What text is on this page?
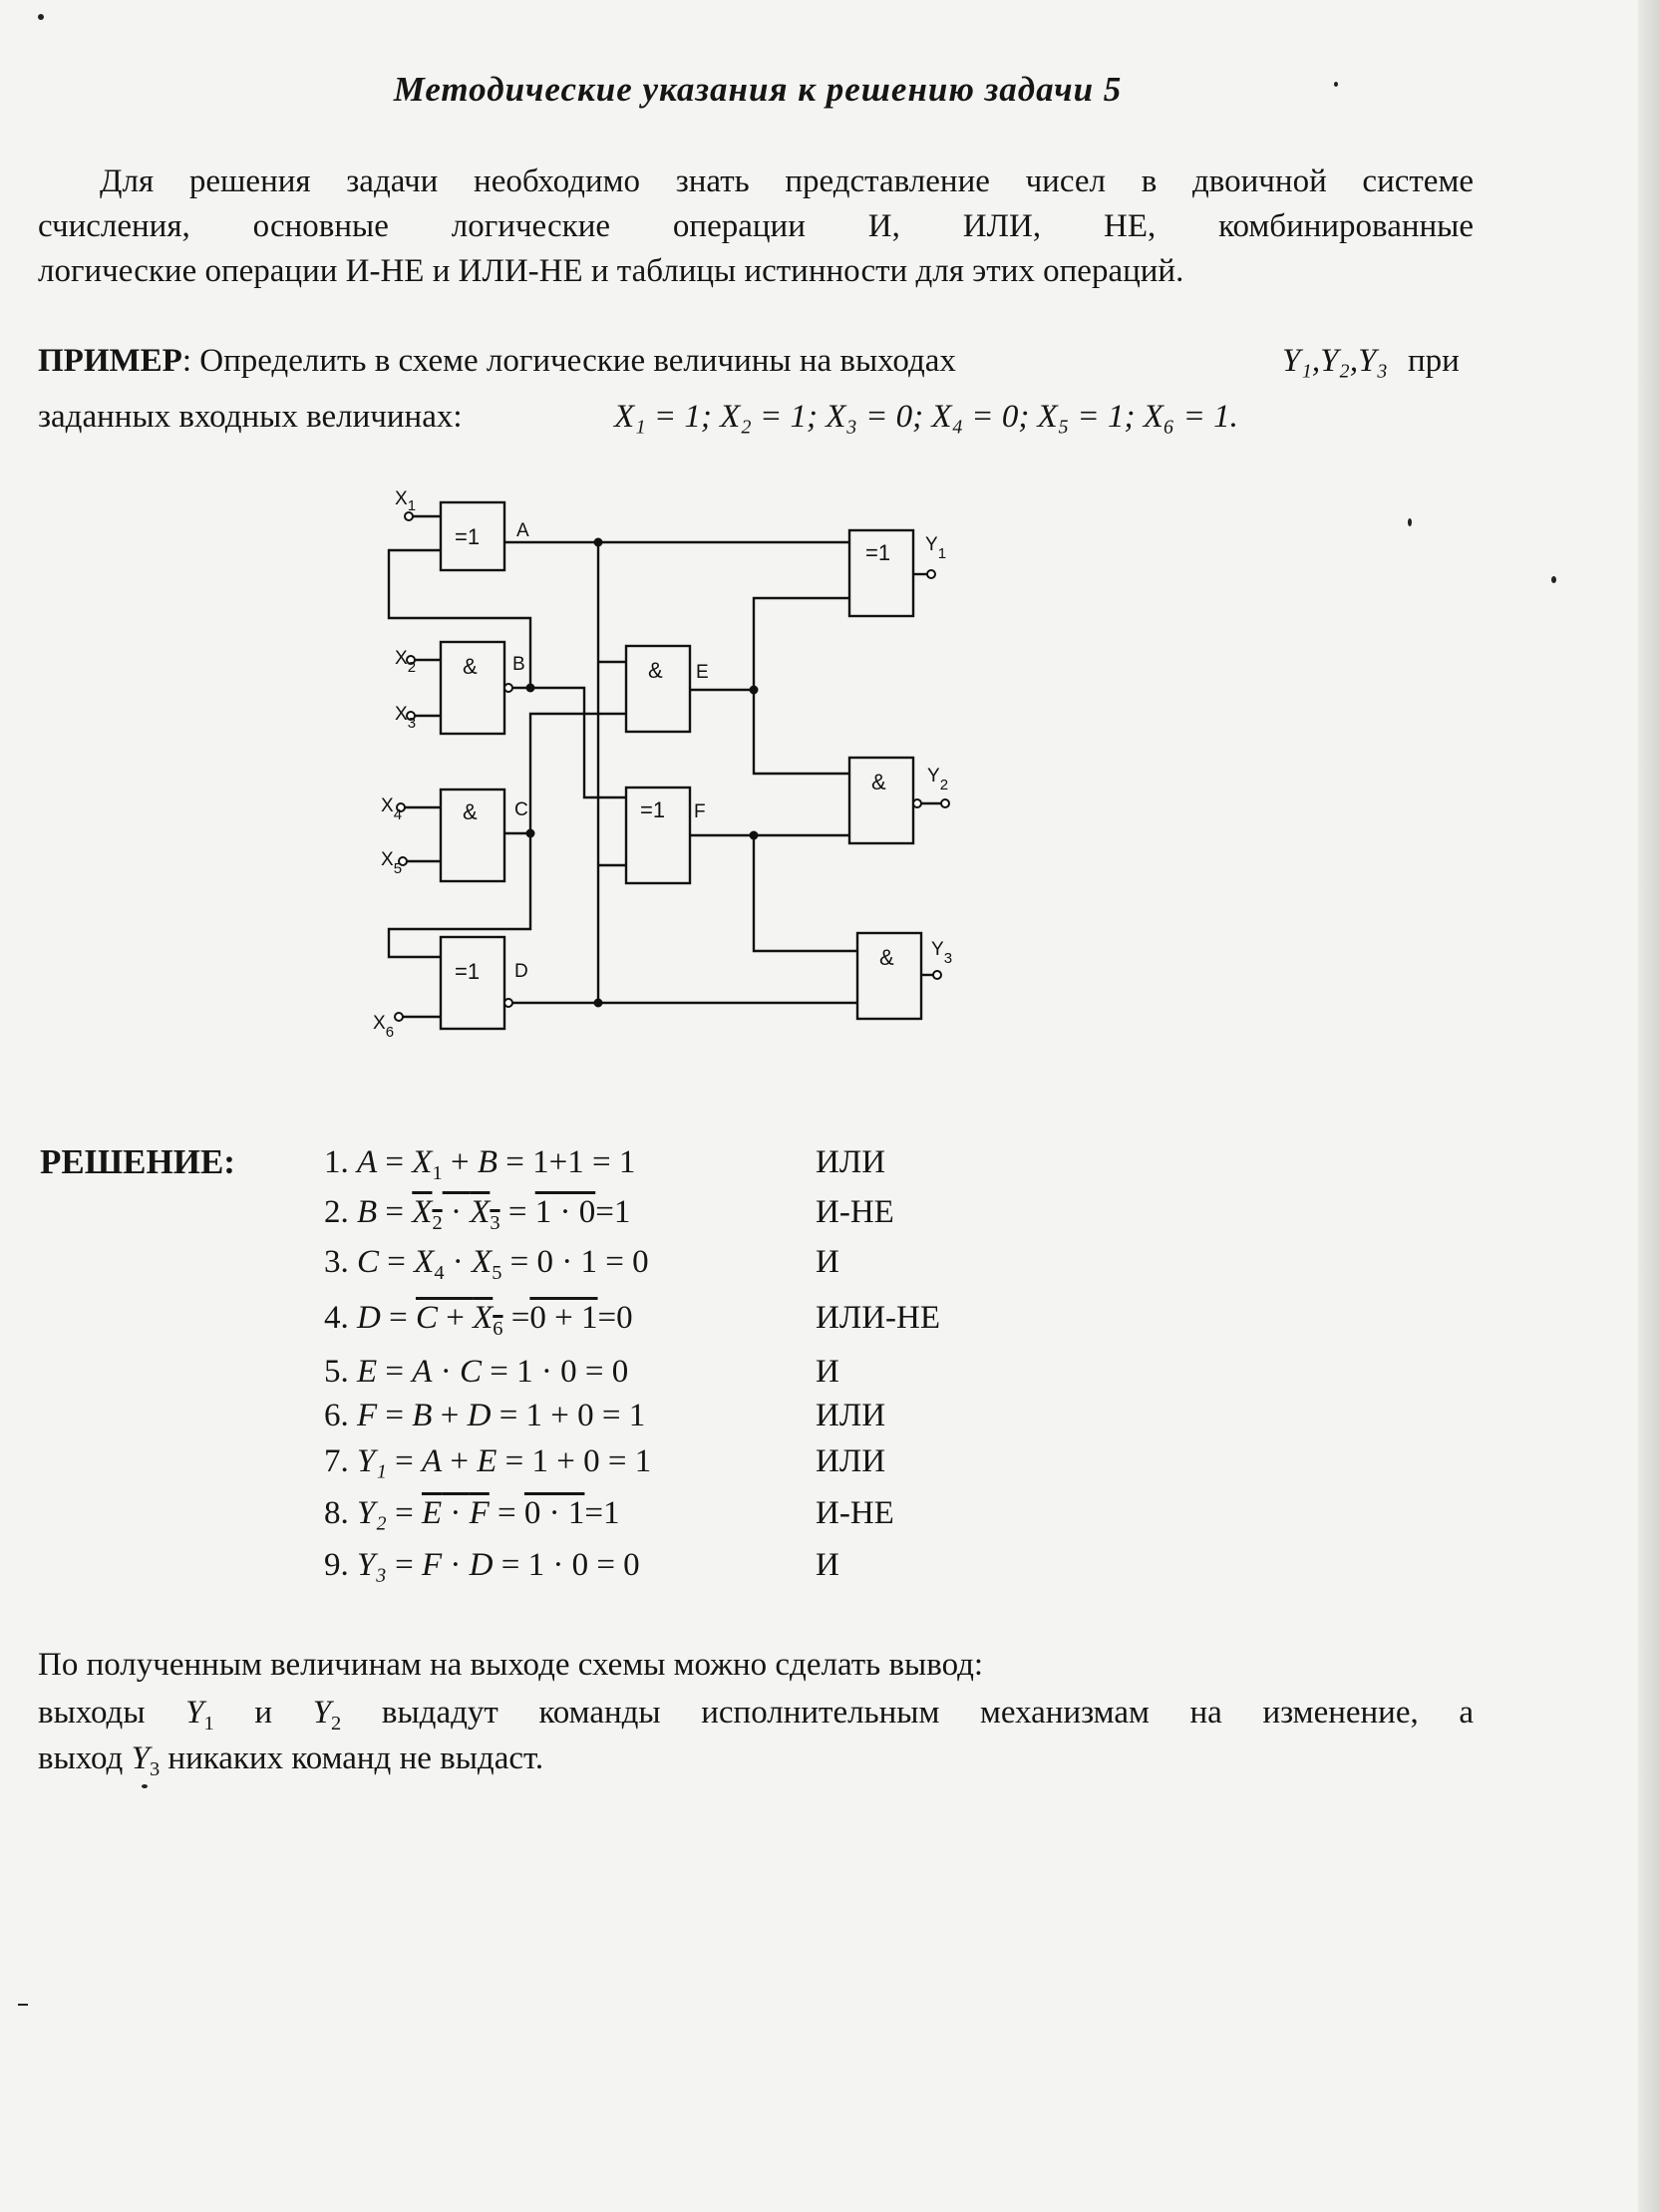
Методические указания к решению задачи 5
Для решения задачи необходимо знать представление чисел в двоичной системе
счисления, основные логические операции И, ИЛИ, НЕ, комбинированные
логические операции И-НЕ и ИЛИ-НЕ и таблицы истинности для этих операций.
ПРИМЕР: Определить в схеме логические величины на выходах	Y₁,Y₂,Y₃ при
заданных входных величинах:	X₁ = 1; X₂ = 1; X₃ = 0; X₄ = 0; X₅ = 1; X₆ = 1.
=1
&
&
=1
&
=1
=1
&
&
A
B
C
D
E
F
$X_1$
$X_2$
$X_3$
$X_4$
$X_5$
$X_6$
$Y_1$
$Y_2$
$Y_3$
РЕШЕНИЕ:	1. $A = X_1 + B = 1+1 = 1$	ИЛИ
2. $B = X_2 \cdot X_3 = 1 \cdot 0=1$	И-НЕ
3. $C = X_4 \cdot X_5 = 0 \cdot 1 = 0$	И
4. $D = C + X_6 =0 + 1=0$	ИЛИ-НЕ
5. E = A · C = 1 · 0 = 0	И
6. F = B + D = 1 + 0 = 1	ИЛИ
7. Y₁ = A + E = 1 + 0 = 1	ИЛИ
8. Y₂ = E · F = 0 · 1=1	И-НЕ
9. Y₃ = F · D = 1 · 0 = 0	И
По полученным величинам на выходе схемы можно сделать вывод:
выходы $Y_1$ и $Y_2$ выдадут команды исполнительным механизмам на изменение, а
выход $Y_3$ никаких команд не выдаст.
